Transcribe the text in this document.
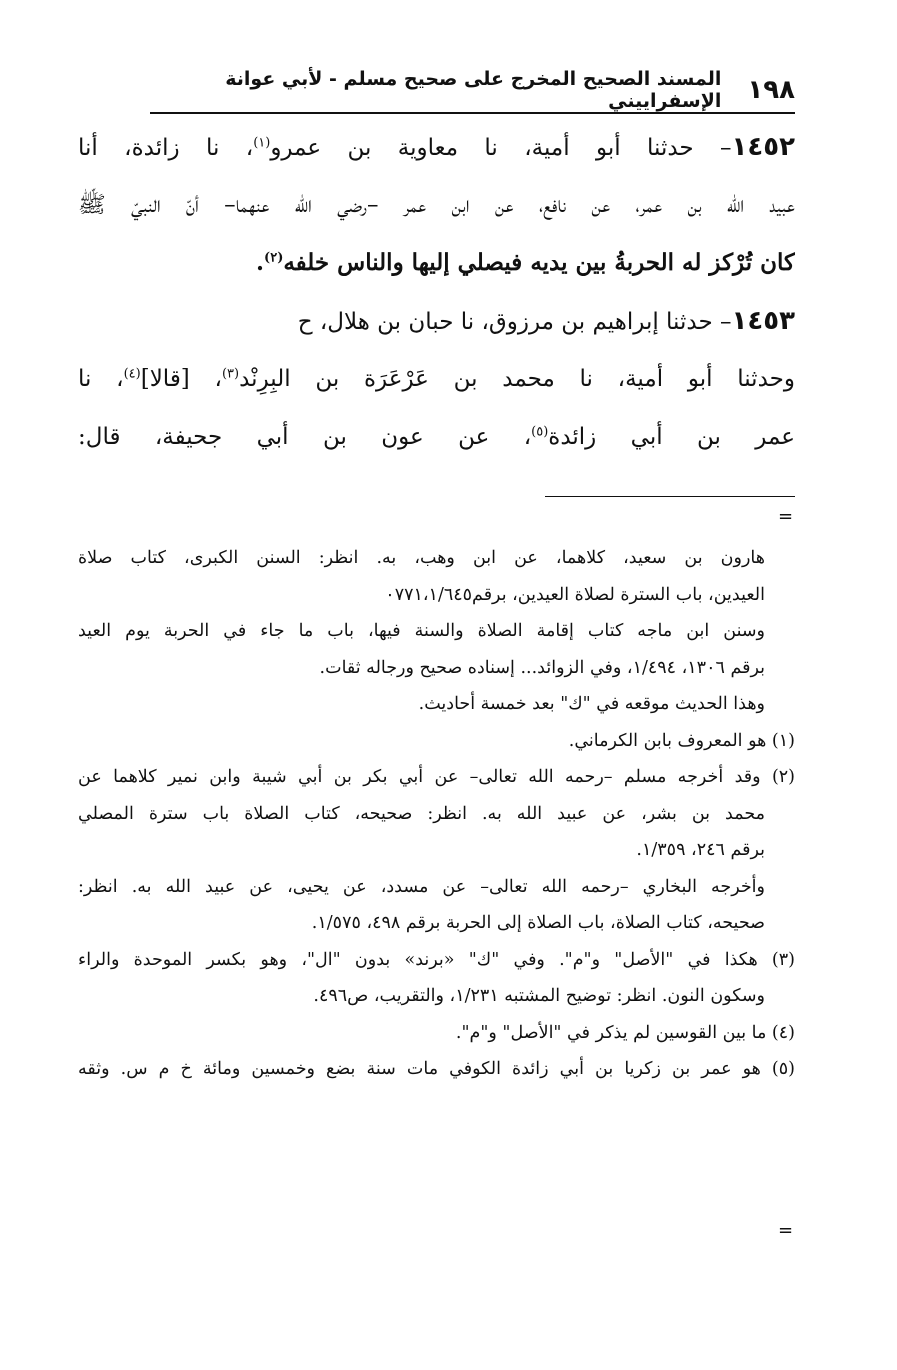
١٩٨
المسند الصحيح المخرج على صحيح مسلم - لأبي عوانة الإسفراييني
١٤٥٢– حدثنا أبو أمية، نا معاوية بن عمرو$^{(١)}$، نا زائدة، أنا
عبيد الله بن عمر، عن نافع، عن ابن عمر –رضي الله عنهما– أنّ النبيّ ﷺ
كان تُرْكز له الحربةُ بين يديه فيصلي إليها والناس خلفه$^{(٢)}$.
١٤٥٣– حدثنا إبراهيم بن مرزوق، نا حبان بن هلال، ح
وحدثنا أبو أمية، نا محمد بن عَرْعَرَة بن البِرِنْد$^{(٣)}$، [قالا]$^{(٤)}$، نا
عمر بن أبي زائدة$^{(٥)}$، عن عون بن أبي جحيفة، قال:
=
هارون بن سعيد، كلاهما، عن ابن وهب، به. انظر: السنن الكبرى، كتاب صلاة
العيدين، باب السترة لصلاة العيدين، برقم٠٧٧١،١/٦٤٥
وسنن ابن ماجه كتاب إقامة الصلاة والسنة فيها، باب ما جاء في الحربة يوم العيد
برقم ١٣٠٦، ١/٤٩٤، وفي الزوائد... إسناده صحيح ورجاله ثقات.
وهذا الحديث موقعه في "ك" بعد خمسة أحاديث.
(١) هو المعروف بابن الكرماني.
(٢) وقد أخرجه مسلم –رحمه الله تعالى– عن أبي بكر بن أبي شيبة وابن نمير كلاهما عن
محمد بن بشر، عن عبيد الله به. انظر: صحيحه، كتاب الصلاة باب سترة المصلي
برقم ٢٤٦، ١/٣٥٩.
وأخرجه البخاري –رحمه الله تعالى– عن مسدد، عن يحيى، عن عبيد الله به. انظر:
صحيحه، كتاب الصلاة، باب الصلاة إلى الحربة برقم ٤٩٨، ١/٥٧٥.
(٣) هكذا في "الأصل" و"م". وفي "ك" «برند» بدون "ال"، وهو بكسر الموحدة والراء
وسكون النون. انظر: توضيح المشتبه ١/٢٣١، والتقريب، ص٤٩٦.
(٤) ما بين القوسين لم يذكر في "الأصل" و"م".
(٥) هو عمر بن زكريا بن أبي زائدة الكوفي مات سنة بضع وخمسين ومائة خ م س. وثقه
=
